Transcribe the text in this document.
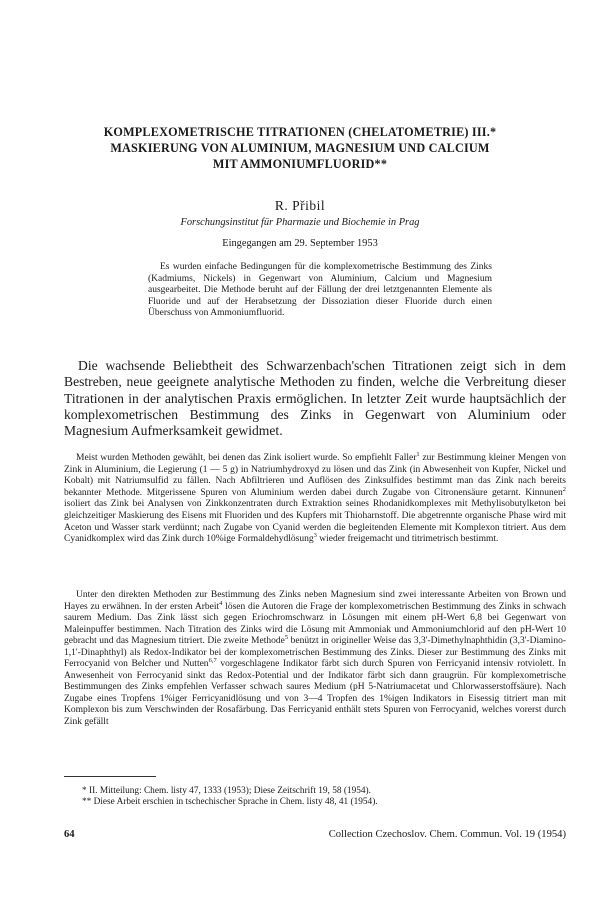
KOMPLEXOMETRISCHE TITRATIONEN (CHELATOMETRIE) III.*
MASKIERUNG VON ALUMINIUM, MAGNESIUM UND CALCIUM
MIT AMMONIUMFLUORID**
R. Přibil
Forschungsinstitut für Pharmazie und Biochemie in Prag
Eingegangen am 29. September 1953

Es wurden einfache Bedingungen für die komplexometrische Bestimmung des Zinks (Kadmiums, Nickels) in Gegenwart von Aluminium, Calcium und Magnesium ausgearbeitet. Die Methode beruht auf der Fällung der drei letztgenannten Elemente als Fluoride und auf der Herabsetzung der Dissoziation dieser Fluoride durch einen Überschuss von Ammoniumfluorid.

Die wachsende Beliebtheit des Schwarzenbach'schen Titrationen zeigt sich in dem Bestreben, neue geeignete analytische Methoden zu finden, welche die Verbreitung dieser Titrationen in der analytischen Praxis ermöglichen. In letzter Zeit wurde hauptsächlich der komplexometrischen Bestimmung des Zinks in Gegenwart von Aluminium oder Magnesium Aufmerksamkeit gewidmet.

Meist wurden Methoden gewählt, bei denen das Zink isoliert wurde. So empfiehlt Faller$^1$ zur Bestimmung kleiner Mengen von Zink in Aluminium, die Legierung (1 — 5 g) in Natriumhydroxyd zu lösen und das Zink (in Abwesenheit von Kupfer, Nickel und Kobalt) mit Natriumsulfid zu fällen. Nach Abfiltrieren und Auflösen des Zinksulfides bestimmt man das Zink nach bereits bekannter Methode. Mitgerissene Spuren von Aluminium werden dabei durch Zugabe von Citronensäure getarnt. Kinnunen$^2$ isoliert das Zink bei Analysen von Zinkkonzentraten durch Extraktion seines Rhodanidkomplexes mit Methylisobutylketon bei gleichzeitiger Maskierung des Eisens mit Fluoriden und des Kupfers mit Thioharnstoff. Die abgetrennte organische Phase wird mit Aceton und Wasser stark verdünnt; nach Zugabe von Cyanid werden die begleitenden Elemente mit Komplexon titriert. Aus dem Cyanidkomplex wird das Zink durch 10%ige Formaldehydlösung$^3$ wieder freigemacht und titrimetrisch bestimmt.

Unter den direkten Methoden zur Bestimmung des Zinks neben Magnesium sind zwei interessante Arbeiten von Brown und Hayes zu erwähnen. In der ersten Arbeit$^4$ lösen die Autoren die Frage der komplexometrischen Bestimmung des Zinks in schwach saurem Medium. Das Zink lässt sich gegen Eriochromschwarz in Lösungen mit einem pH-Wert 6,8 bei Gegenwart von Maleinpuffer bestimmen. Nach Titration des Zinks wird die Lösung mit Ammoniak und Ammoniumchlorid auf den pH-Wert 10 gebracht und das Magnesium titriert. Die zweite Methode$^5$ benützt in origineller Weise das 3,3'-Dimethylnaphthidin (3,3'-Diamino-1,1'-Dinaphthyl) als Redox-Indikator bei der komplexometrischen Bestimmung des Zinks. Dieser zur Bestimmung des Zinks mit Ferrocyanid von Belcher und Nutten$^{6,7}$ vorgeschlagene Indikator färbt sich durch Spuren von Ferricyanid intensiv rotviolett. In Anwesenheit von Ferrocyanid sinkt das Redox-Potential und der Indikator färbt sich dann graugrün. Für komplexometrische Bestimmungen des Zinks empfehlen Verfasser schwach saures Medium (pH 5-Natriumacetat und Chlorwasserstoffsäure). Nach Zugabe eines Tropfens 1%iger Ferricyanidlösung und von 3—4 Tropfen des 1%igen Indikators in Eisessig titriert man mit Komplexon bis zum Verschwinden der Rosafärbung. Das Ferricyanid enthält stets Spuren von Ferrocyanid, welches vorerst durch Zink gefällt

* II. Mitteilung: Chem. listy 47, 1333 (1953); Diese Zeitschrift 19, 58 (1954).
** Diese Arbeit erschien in tschechischer Sprache in Chem. listy 48, 41 (1954).
64	Collection Czechoslov. Chem. Commun. Vol. 19 (1954)
